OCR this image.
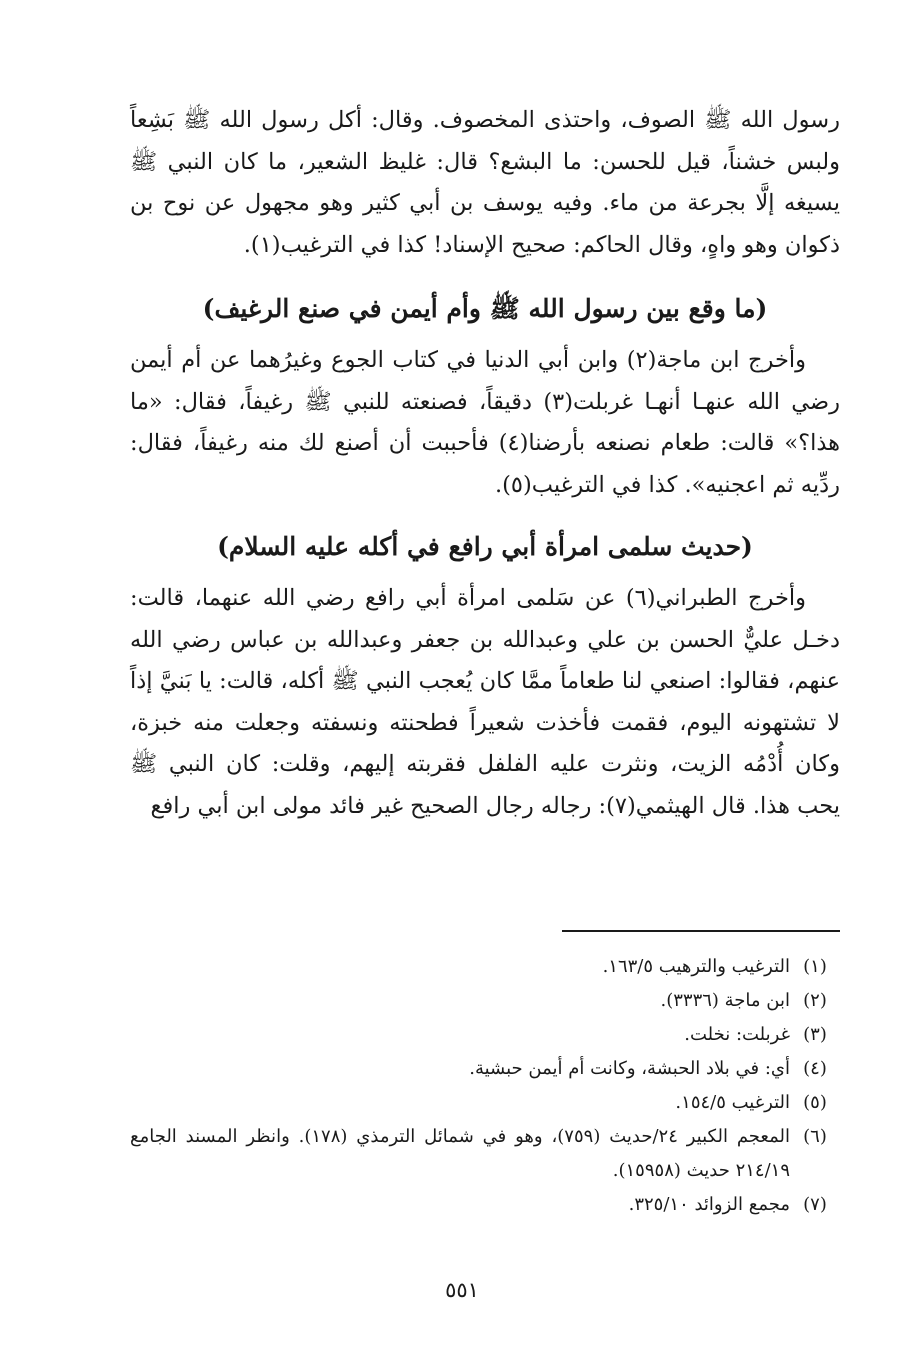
رسول الله ﷺ الصوف، واحتذى المخصوف. وقال: أكل رسول الله ﷺ بَشِعاً ولبس خشناً، قيل للحسن: ما البشع؟ قال: غليظ الشعير، ما كان النبي ﷺ يسيغه إلَّا بجرعة من ماء. وفيه يوسف بن أبي كثير وهو مجهول عن نوح بن ذكوان وهو واهٍ، وقال الحاكم: صحيح الإسناد! كذا في الترغيب(١).

(ما وقع بين رسول الله ﷺ وأم أيمن في صنع الرغيف)

وأخرج ابن ماجة(٢) وابن أبي الدنيا في كتاب الجوع وغيرُهما عن أم أيمن رضي الله عنهـا أنهـا غربلت(٣) دقيقاً، فصنعته للنبي ﷺ رغيفاً، فقال: «ما هذا؟» قالت: طعام نصنعه بأرضنا(٤) فأحببت أن أصنع لك منه رغيفاً، فقال: ردِّيه ثم اعجنيه». كذا في الترغيب(٥).

(حديث سلمى امرأة أبي رافع في أكله عليه السلام)

وأخرج الطبراني(٦) عن سَلمى امرأة أبي رافع رضي الله عنهما، قالت: دخـل عليٌّ الحسن بن علي وعبدالله بن جعفر وعبدالله بن عباس رضي الله عنهم، فقالوا: اصنعي لنا طعاماً ممَّا كان يُعجب النبي ﷺ أكله، قالت: يا بَنيَّ إذاً لا تشتهونه اليوم، فقمت فأخذت شعيراً فطحنته ونسفته وجعلت منه خبزة، وكان أُدْمُه الزيت، ونثرت عليه الفلفل فقربته إليهم، وقلت: كان النبي ﷺ يحب هذا. قال الهيثمي(٧): رجاله رجال الصحيح غير فائد مولى ابن أبي رافع

(١)
الترغيب والترهيب ١٦٣/٥.
(٢)
ابن ماجة (٣٣٣٦).
(٣)
غربلت: نخلت.
(٤)
أي: في بلاد الحبشة، وكانت أم أيمن حبشية.
(٥)
الترغيب ١٥٤/٥.
(٦)
المعجم الكبير ٢٤/حديث (٧٥٩)، وهو في شمائل الترمذي (١٧٨). وانظر المسند الجامع ٢١٤/١٩ حديث (١٥٩٥٨).
(٧)
مجمع الزوائد ٣٢٥/١٠.
٥٥١
